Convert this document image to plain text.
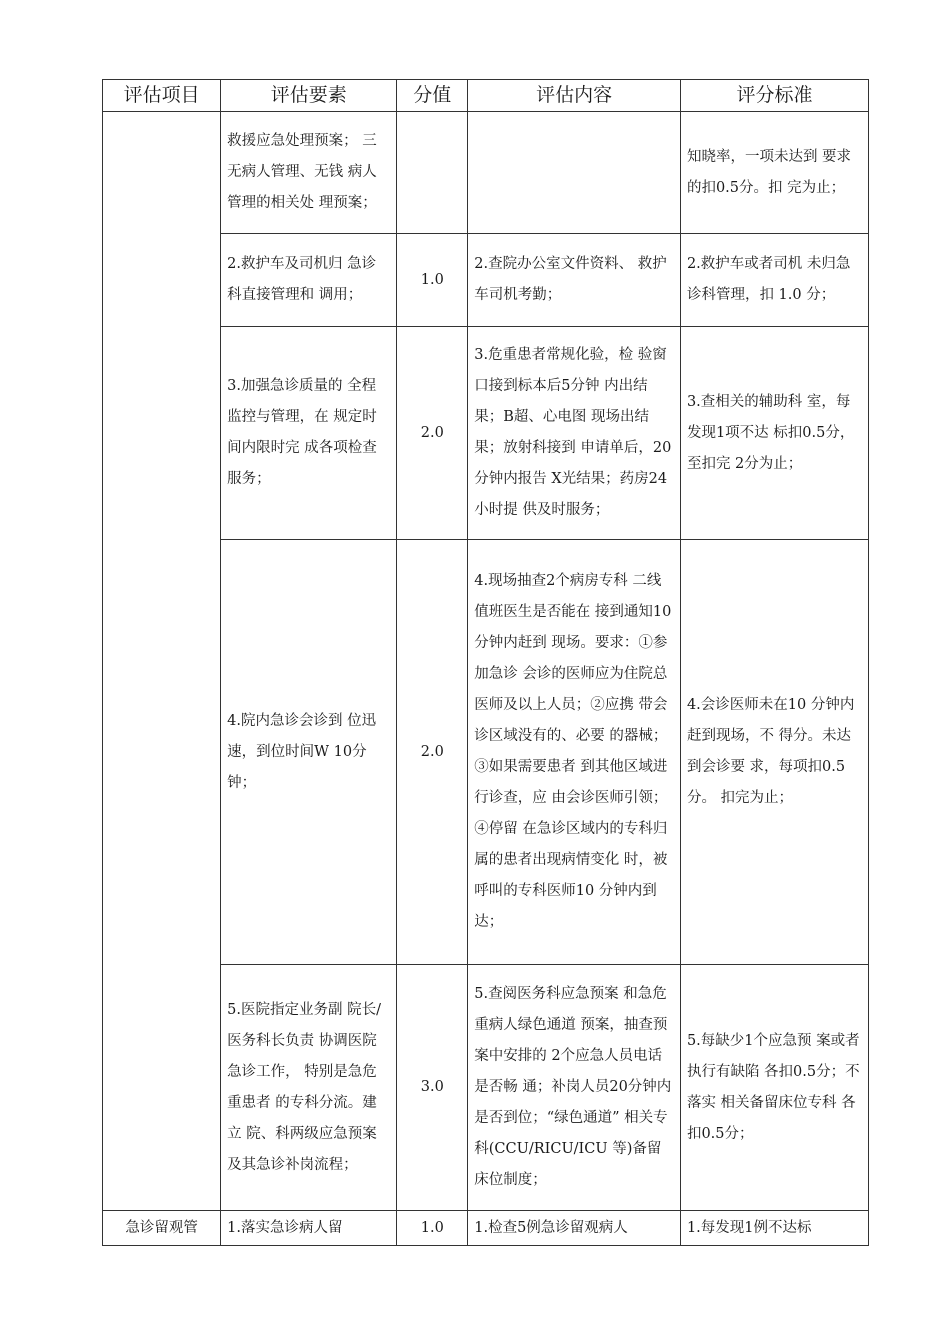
评估项目	评估要素	分值	评估内容	评分标准
	救援应急处理预案； 三无病人管理、无钱 病人管理的相关处 理预案；			知晓率，一项未达到 要求的扣0.5分。扣 完为止；
	2.救护车及司机归 急诊科直接管理和 调用；	1.0	2.查院办公室文件资料、 救护车司机考勤；	2.救护车或者司机 未归急诊科管理，扣 1.0 分；
	3.加强急诊质量的 全程监控与管理，在 规定时间内限时完 成各项检查服务；	2.0	3.危重患者常规化验，检 验窗口接到标本后5分钟 内出结果；B超、心电图 现场出结果；放射科接到 申请单后，20分钟内报告 X光结果；药房24小时提 供及时服务；	3.查相关的辅助科 室，每发现1项不达 标扣0.5分，至扣完 2分为止；
	4.院内急诊会诊到 位迅速，到位时间W 10分钟；	2.0	4.现场抽查2个病房专科 二线值班医生是否能在 接到通知10分钟内赶到 现场。要求：①参加急诊 会诊的医师应为住院总 医师及以上人员；②应携 带会诊区域没有的、必要 的器械；③如果需要患者 到其他区域进行诊查，应 由会诊医师引领；④停留 在急诊区域内的专科归属的患者出现病情变化 时，被呼叫的专科医师10 分钟内到达；	4.会诊医师未在10 分钟内赶到现场，不 得分。未达到会诊要 求，每项扣0.5分。 扣完为止；
	5.医院指定业务副 院长/医务科长负责 协调医院急诊工作， 特别是急危重患者 的专科分流。建立 院、科两级应急预案 及其急诊补岗流程；	3.0	5.查阅医务科应急预案 和急危重病人绿色通道 预案，抽查预案中安排的 2个应急人员电话是否畅 通；补岗人员20分钟内 是否到位；“绿色通道” 相关专科(CCU/RICU/ICU 等)备留床位制度；	5.每缺少1个应急预 案或者执行有缺陷 各扣0.5分；不落实 相关备留床位专科 各扣0.5分；
急诊留观管	1.落实急诊病人留	1.0	1.检查5例急诊留观病人	1.每发现1例不达标
